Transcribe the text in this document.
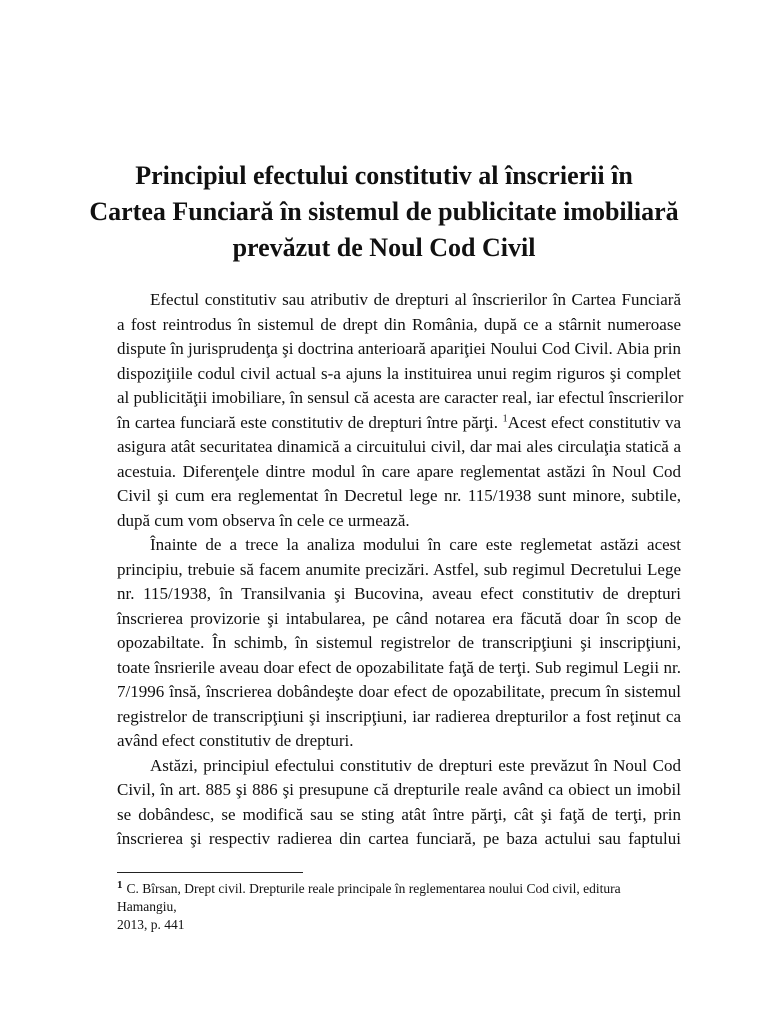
Principiul efectului constitutiv al înscrierii în
Cartea Funciară în sistemul de publicitate imobiliară
prevăzut de Noul Cod Civil
Efectul constitutiv sau atributiv de drepturi al înscrierilor în Cartea Funciară
a fost reintrodus în sistemul de drept din România, după ce a stârnit numeroase
dispute în jurisprudenţa şi doctrina anterioară apariţiei Noului Cod Civil. Abia prin
dispoziţiile codul civil actual s-a ajuns la instituirea unui regim riguros şi complet
al publicităţii imobiliare, în sensul că acesta are caracter real, iar efectul înscrierilor
în cartea funciară este constitutiv de drepturi între părţi. $^1$Acest efect constitutiv va
asigura atât securitatea dinamică a circuitului civil, dar mai ales circulaţia statică a
acestuia. Diferenţele dintre modul în care apare reglementat astăzi în Noul Cod
Civil şi cum era reglementat în Decretul lege nr. 115/1938 sunt minore, subtile,
după cum vom observa în cele ce urmează.
Înainte de a trece la analiza modului în care este reglemetat astăzi acest
principiu, trebuie să facem anumite precizări. Astfel, sub regimul Decretului Lege
nr. 115/1938, în Transilvania şi Bucovina, aveau efect constitutiv de drepturi
înscrierea provizorie şi intabularea, pe când notarea era făcută doar în scop de
opozabiltate. În schimb, în sistemul registrelor de transcripţiuni şi inscripţiuni,
toate însrierile aveau doar efect de opozabilitate faţă de terţi. Sub regimul Legii nr.
7/1996 însă, înscrierea dobândeşte doar efect de opozabilitate, precum în sistemul
registrelor de transcripţiuni şi inscripţiuni, iar radierea drepturilor a fost reţinut ca
având efect constitutiv de drepturi.
Astăzi, principiul efectului constitutiv de drepturi este prevăzut în Noul Cod
Civil, în art. 885 şi 886 şi presupune că drepturile reale având ca obiect un imobil
se dobândesc, se modifică sau se sting atât între părţi, cât şi faţă de terţi, prin
înscrierea şi respectiv radierea din cartea funciară, pe baza actului sau faptului
$^1$ C. Bîrsan, Drept civil. Drepturile reale principale în reglementarea noului Cod civil, editura Hamangiu,
2013, p. 441
